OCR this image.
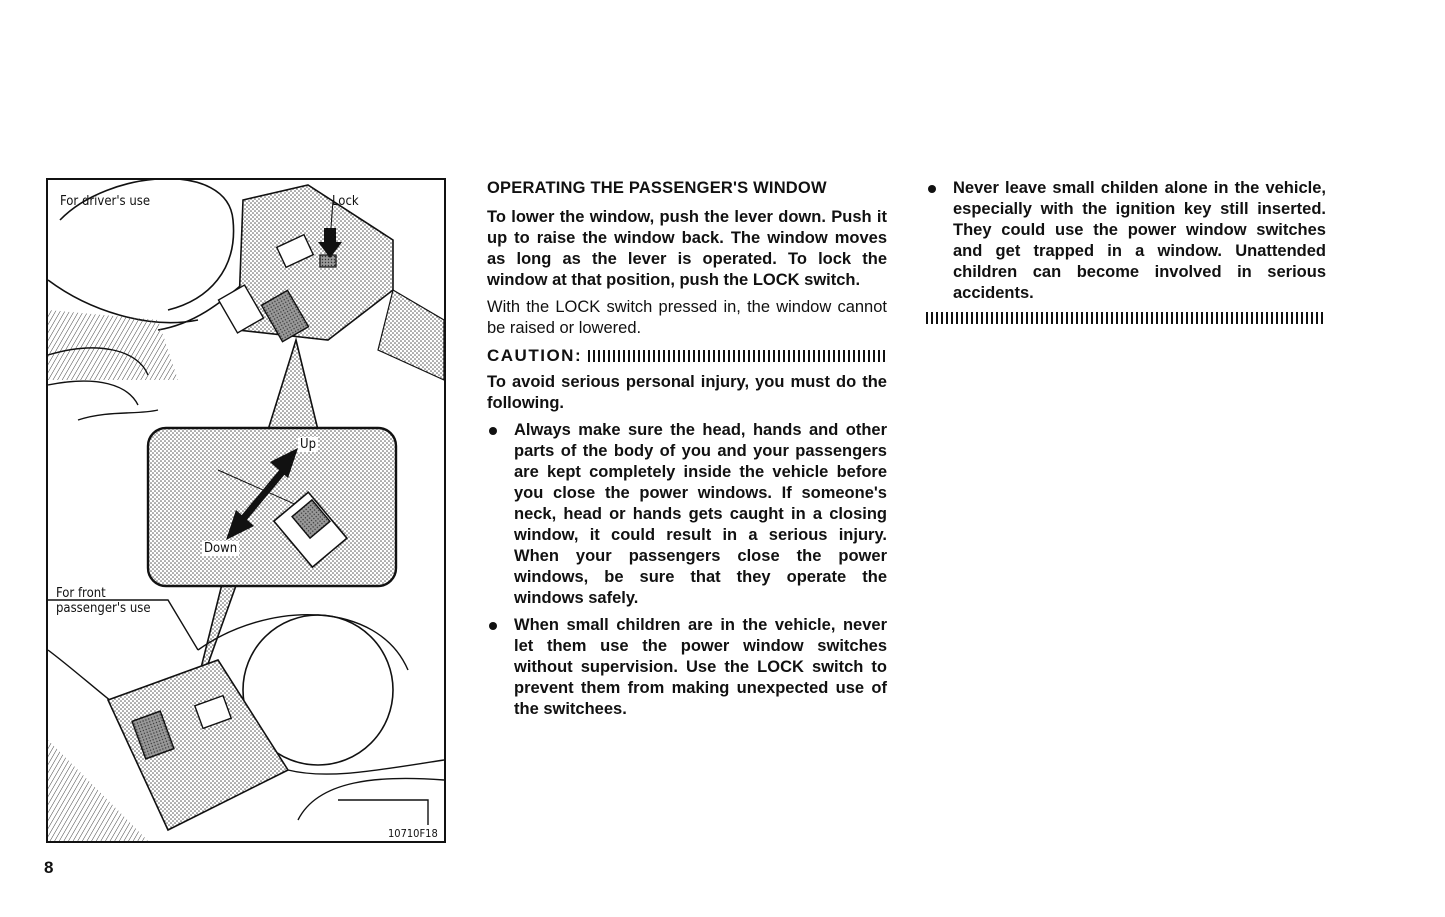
For driver's use	Lock
Up
Down
For front
passenger's use
10710F18
OPERATING THE PASSENGER'S WINDOW

To lower the window, push the lever down. Push it up to raise the window back. The window moves as long as the lever is operated. To lock the window at that position, push the LOCK switch.

With the LOCK switch pressed in, the window cannot be raised or lowered.

CAUTION:

To avoid serious personal injury, you must do the following.

Always make sure the head, hands and other parts of the body of you and your passengers are kept completely inside the vehicle before you close the power windows. If someone's neck, head or hands gets caught in a closing window, it could result in a serious injury. When your passengers close the power windows, be sure that they operate the windows safely.
When small children are in the vehicle, never let them use the power window switches without supervision. Use the LOCK switch to prevent them from making unexpected use of the switchees.
Never leave small childen alone in the vehicle, especially with the ignition key still inserted. They could use the power window switches and get trapped in a window. Unattended children can become involved in serious accidents.
8
